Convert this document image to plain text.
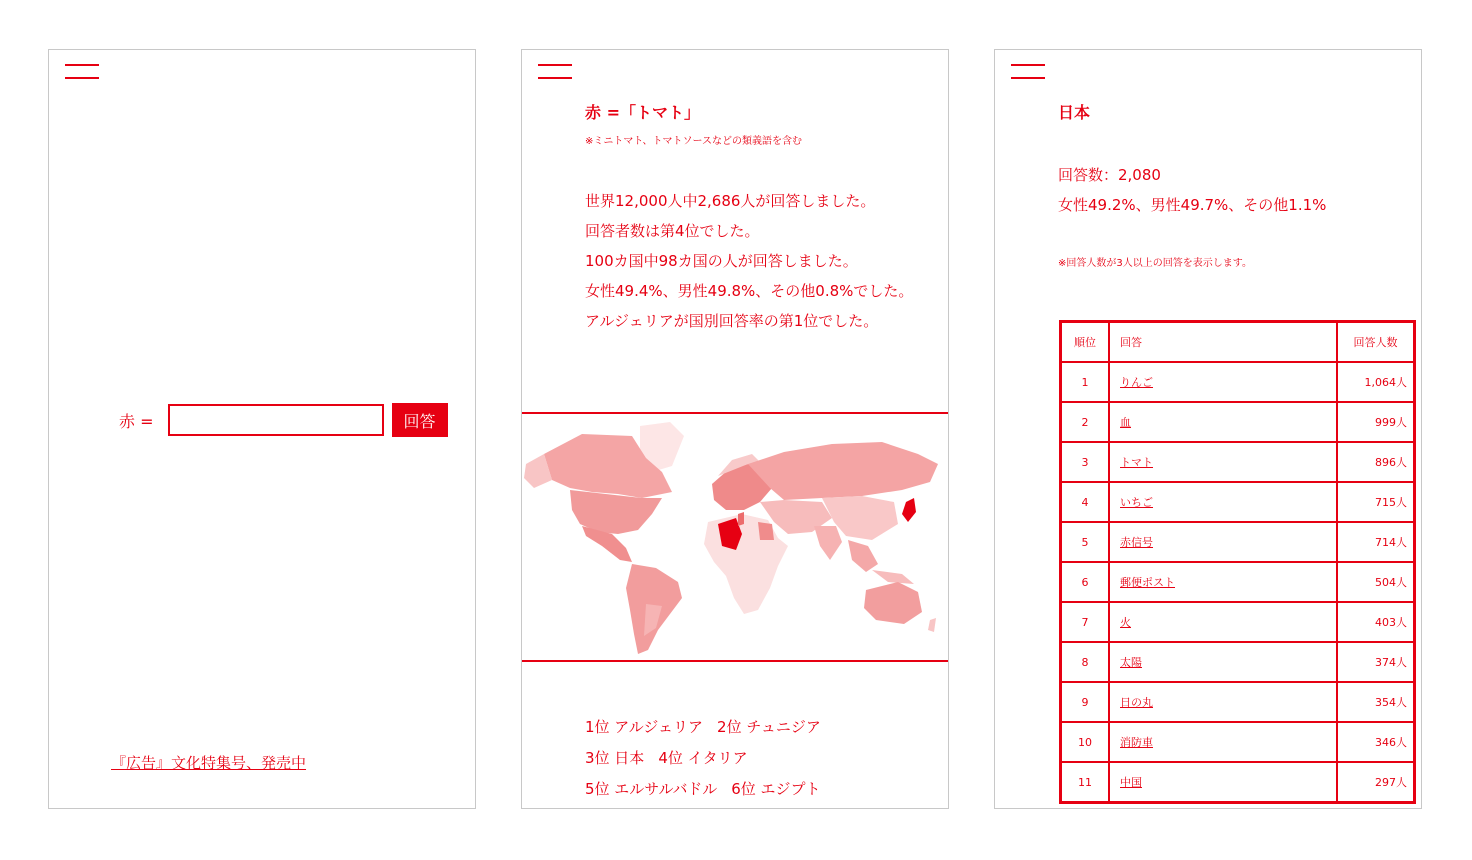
赤 =	回答
『広告』文化特集号、発売中
赤 =「トマト」
※ミニトマト、トマトソースなどの類義語を含む
世界12,000人中2,686人が回答しました。
回答者数は第4位でした。
100カ国中98カ国の人が回答しました。
女性49.4%、男性49.8%、その他0.8%でした。
アルジェリアが国別回答率の第1位でした。
1位 アルジェリア 2位 チュニジア
3位 日本 4位 イタリア
5位 エルサルバドル 6位 エジプト
日本
回答数：2,080
女性49.2%、男性49.7%、その他1.1%
※回答人数が3人以上の回答を表示します。
順位	回答	回答人数
1	りんご	1,064人
2	血	999人
3	トマト	896人
4	いちご	715人
5	赤信号	714人
6	郵便ポスト	504人
7	火	403人
8	太陽	374人
9	日の丸	354人
10	消防車	346人
11	中国	297人
